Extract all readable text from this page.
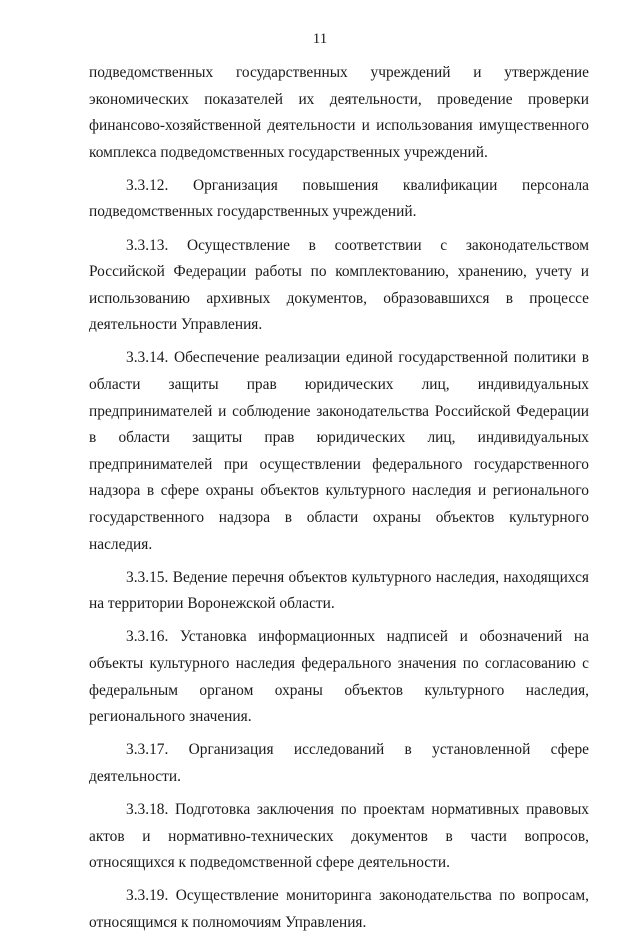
11

подведомственных государственных учреждений и утверждение экономических показателей их деятельности, проведение проверки финансово-хозяйственной деятельности и использования имущественного комплекса подведомственных государственных учреждений.

3.3.12. Организация повышения квалификации персонала подведомственных государственных учреждений.

3.3.13. Осуществление в соответствии с законодательством Российской Федерации работы по комплектованию, хранению, учету и использованию архивных документов, образовавшихся в процессе деятельности Управления.

3.3.14. Обеспечение реализации единой государственной политики в области защиты прав юридических лиц, индивидуальных предпринимателей и соблюдение законодательства Российской Федерации в области защиты прав юридических лиц, индивидуальных предпринимателей при осуществлении федерального государственного надзора в сфере охраны объектов культурного наследия и регионального государственного надзора в области охраны объектов культурного наследия.

3.3.15. Ведение перечня объектов культурного наследия, находящихся на территории Воронежской области.

3.3.16. Установка информационных надписей и обозначений на объекты культурного наследия федерального значения по согласованию с федеральным органом охраны объектов культурного наследия, регионального значения.

3.3.17. Организация исследований в установленной сфере деятельности.

3.3.18. Подготовка заключения по проектам нормативных правовых актов и нормативно-технических документов в части вопросов, относящихся к подведомственной сфере деятельности.

3.3.19. Осуществление мониторинга законодательства по вопросам, относящимся к полномочиям Управления.
